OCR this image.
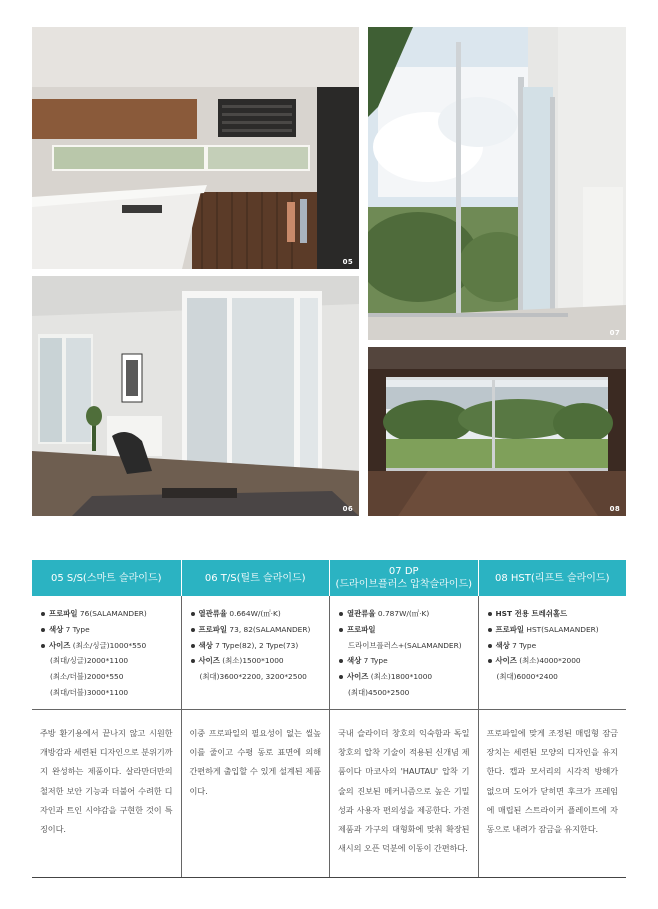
05
07
06	08
05 S/S(스마트 슬라이드)	06 T/S(틸트 슬라이드)
07 DP
(드라이브플러스 압착슬라이드)
08 HST(리프트 슬라이드)
프로파일 76(SALAMANDER)
색상 7 Type
사이즈 (최소/싱글)1000*550
(최대/싱글)2000*1100
(최소/더블)2000*550
(최대/더블)3000*1100
열관류율 0.664W/(㎡·K)
프로파일 73, 82(SALAMANDER)
색상 7 Type(82), 2 Type(73)
사이즈 (최소)1500*1000
(최대)3600*2200, 3200*2500
열관류율 0.787W/(㎡·K)
프로파일
드라이브플러스+(SALAMANDER)
색상 7 Type
사이즈 (최소)1800*1000
(최대)4500*2500
HST 전용 트레쉬홀드
프로파일 HST(SALAMANDER)
색상 7 Type
사이즈 (최소)4000*2000
(최대)6000*2400

주방 환기용에서 끝나지 않고 시원한 개방감과 세련된 디자인으로 분위기까지 완성하는 제품이다. 살라만더만의 철저한 보안 기능과 더불어 수려한 디자인과 트인 시야감을 구현한 것이 특징이다.

이중 프로파일의 필요성이 없는 씰높이를 줄이고 수평 동로 표면에 의해 간편하게 출입할 수 있게 설계된 제품이다.

국내 슬라이더 창호의 익숙함과 독일 창호의 압착 기술이 적용된 신개념 제품이다 마코사의 'HAUTAU' 압착 기술의 진보된 메커니즘으로 높은 기밀성과 사용자 편의성을 제공한다. 가전제품과 가구의 대형화에 맞춰 확장된 새시의 오픈 덕분에 이동이 간편하다.

프로파일에 맞게 조정된 매립형 잠금장치는 세련된 모양의 디자인을 유지한다. 캡과 모서리의 시각적 방해가 없으며 도어가 닫히면 후크가 프레임에 매립된 스트라이커 플레이트에 자동으로 내려가 잠금을 유지한다.
